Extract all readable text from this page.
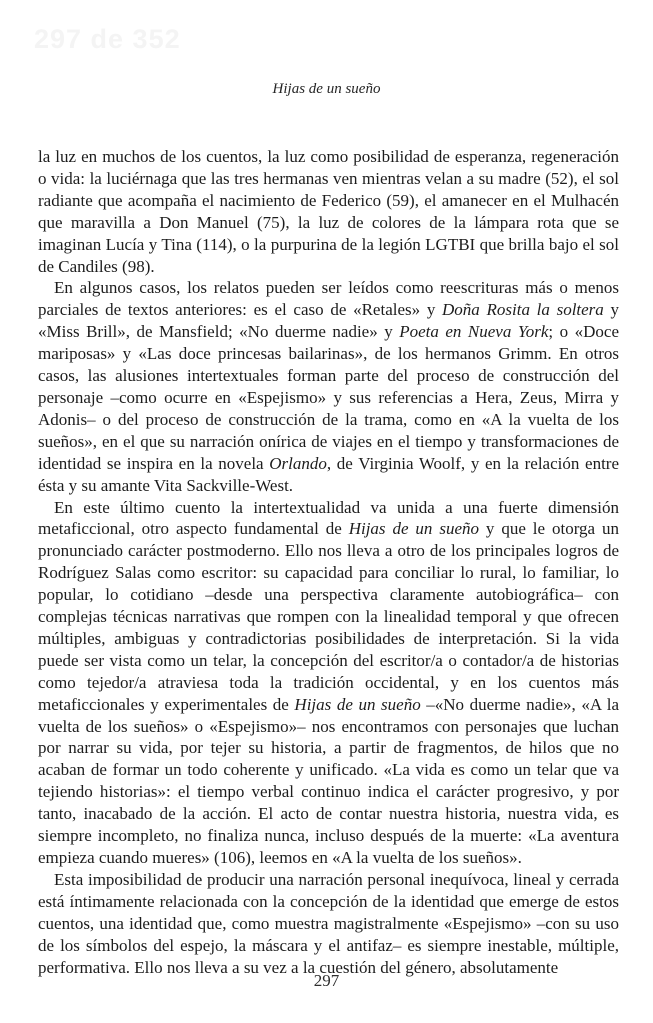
297 de 352
Hijas de un sueño

la luz en muchos de los cuentos, la luz como posibilidad de esperanza, regeneración o vida: la luciérnaga que las tres hermanas ven mientras velan a su madre (52), el sol radiante que acompaña el nacimiento de Federico (59), el amanecer en el Mulhacén que maravilla a Don Manuel (75), la luz de colores de la lámpara rota que se imaginan Lucía y Tina (114), o la purpurina de la legión LGTBI que brilla bajo el sol de Candiles (98).

En algunos casos, los relatos pueden ser leídos como reescrituras más o menos parciales de textos anteriores: es el caso de «Retales» y Doña Rosita la soltera y «Miss Brill», de Mansfield; «No duerme nadie» y Poeta en Nueva York; o «Doce mariposas» y «Las doce princesas bailarinas», de los hermanos Grimm. En otros casos, las alusiones intertextuales forman parte del proceso de construcción del personaje –como ocurre en «Espejismo» y sus referencias a Hera, Zeus, Mirra y Adonis– o del proceso de construcción de la trama, como en «A la vuelta de los sueños», en el que su narración onírica de viajes en el tiempo y transformaciones de identidad se inspira en la novela Orlando, de Virginia Woolf, y en la relación entre ésta y su amante Vita Sackville-West.

En este último cuento la intertextualidad va unida a una fuerte dimensión metaficcional, otro aspecto fundamental de Hijas de un sueño y que le otorga un pronunciado carácter postmoderno. Ello nos lleva a otro de los principales logros de Rodríguez Salas como escritor: su capacidad para conciliar lo rural, lo familiar, lo popular, lo cotidiano –desde una perspectiva claramente autobiográfica– con complejas técnicas narrativas que rompen con la linealidad temporal y que ofrecen múltiples, ambiguas y contradictorias posibilidades de interpretación. Si la vida puede ser vista como un telar, la concepción del escritor/a o contador/a de historias como tejedor/a atraviesa toda la tradición occidental, y en los cuentos más metaficcionales y experimentales de Hijas de un sueño –«No duerme nadie», «A la vuelta de los sueños» o «Espejismo»– nos encontramos con personajes que luchan por narrar su vida, por tejer su historia, a partir de fragmentos, de hilos que no acaban de formar un todo coherente y unificado. «La vida es como un telar que va tejiendo historias»: el tiempo verbal continuo indica el carácter progresivo, y por tanto, inacabado de la acción. El acto de contar nuestra historia, nuestra vida, es siempre incompleto, no finaliza nunca, incluso después de la muerte: «La aventura empieza cuando mueres» (106), leemos en «A la vuelta de los sueños».

Esta imposibilidad de producir una narración personal inequívoca, lineal y cerrada está íntimamente relacionada con la concepción de la identidad que emerge de estos cuentos, una identidad que, como muestra magistralmente «Espejismo» –con su uso de los símbolos del espejo, la máscara y el antifaz– es siempre inestable, múltiple, performativa. Ello nos lleva a su vez a la cuestión del género, absolutamente

297
